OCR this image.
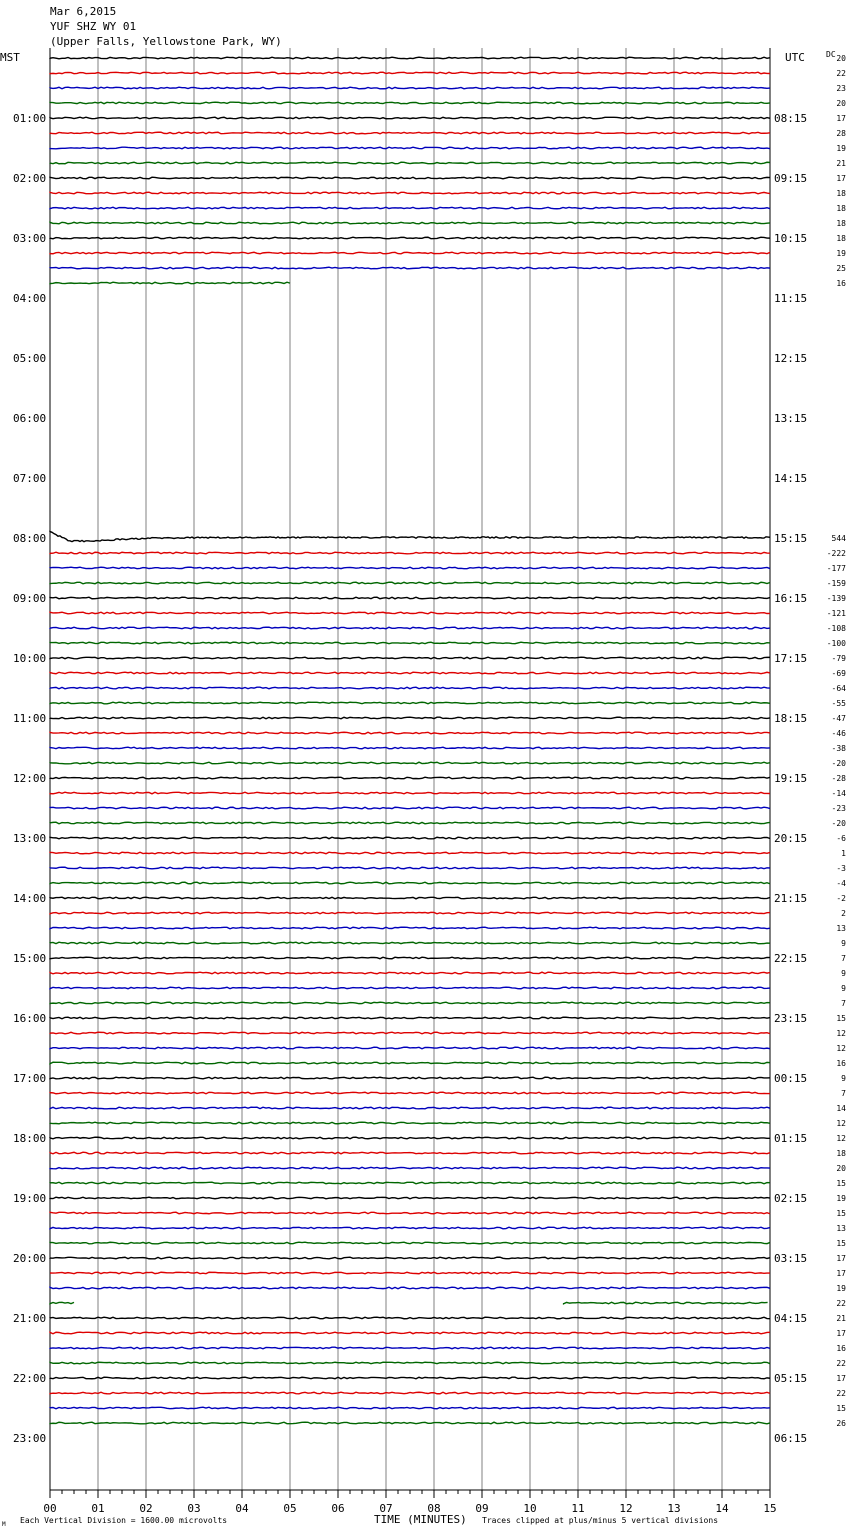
Mar 6,2015
YUF SHZ WY 01
(Upper Falls, Yellowstone Park, WY)
MST	UTC	DC
TIME (MINUTES)
M Each Vertical Division = 1600.00 microvolts	Traces clipped at plus/minus 5 vertical divisions
00	01	02	03	04	05	06	07	08	09	10	11	12	13	14	15
20
22
23
20
17
28
19
21
17
18
18
18
18
19
25
16
544
-222
-177
-159
-139
-121
-108
-100
-79
-69
-64
-55
-47
-46
-38
-20
-28
-14
-23
-20
-6
1
-3
-4
-2
2
13
9
7
9
9
7
15
12
12
16
9
7
14
12
12
18
20
15
19
15
13
15
17
17
19
22
21
17
16
22
17
22
15
26
01:00	08:15
02:00	09:15
03:00	10:15
04:00	11:15
05:00	12:15
06:00	13:15
07:00	14:15
08:00	15:15
09:00	16:15
10:00	17:15
11:00	18:15
12:00	19:15
13:00	20:15
14:00	21:15
15:00	22:15
16:00	23:15
17:00	00:15
18:00	01:15
19:00	02:15
20:00	03:15
21:00	04:15
22:00	05:15
23:00	06:15
